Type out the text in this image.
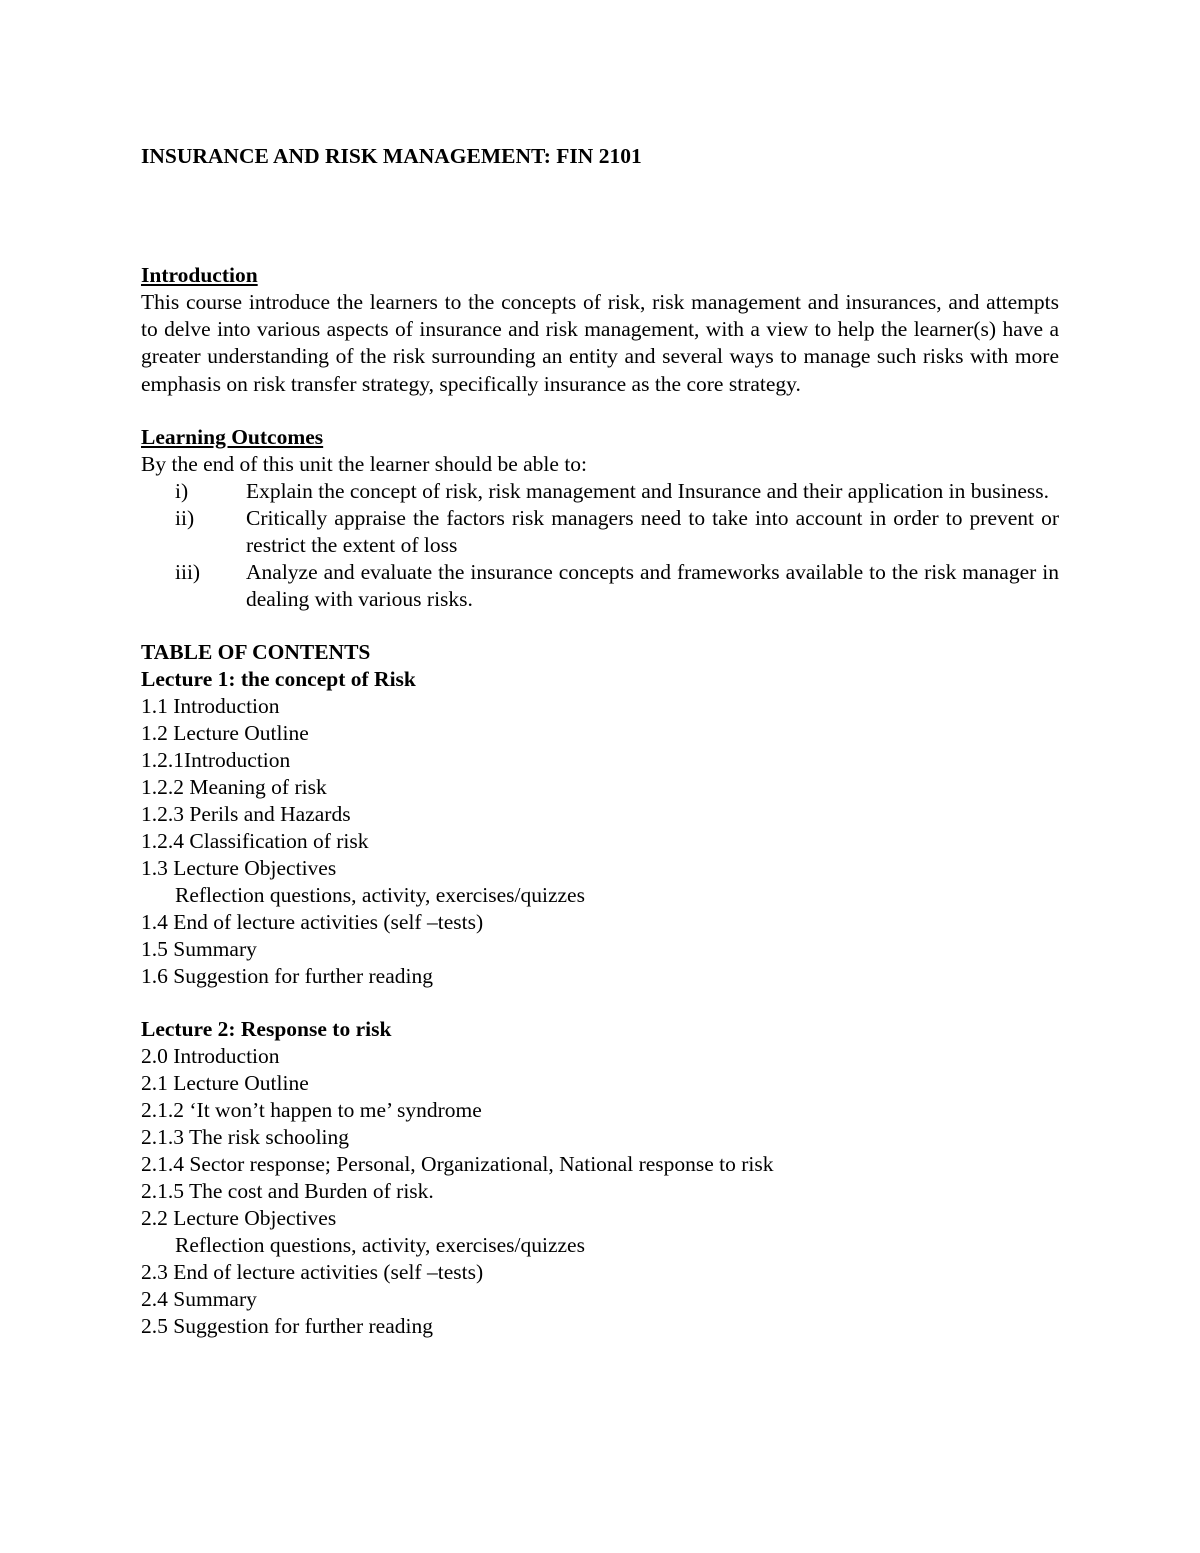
INSURANCE AND RISK MANAGEMENT: FIN 2101
Introduction

This course introduce the learners to the concepts of risk, risk management and insurances, and attempts to delve into various aspects of insurance and risk management, with a view to help the learner(s) have a greater understanding of the risk surrounding an entity and several ways to manage such risks with more emphasis on risk transfer strategy, specifically insurance as the core strategy.

Learning Outcomes
By the end of this unit the learner should be able to:
i)	Explain the concept of risk, risk management and Insurance and their application in business.
ii)	Critically appraise the factors risk managers need to take into account in order to prevent or restrict the extent of loss
iii)	Analyze and evaluate the insurance concepts and frameworks available to the risk manager in dealing with various risks.
TABLE OF CONTENTS
Lecture 1: the concept of Risk
1.1 Introduction
1.2 Lecture Outline
1.2.1Introduction
1.2.2 Meaning of risk
1.2.3 Perils and Hazards
1.2.4 Classification of risk
1.3 Lecture Objectives
Reflection questions, activity, exercises/quizzes
1.4 End of lecture activities (self –tests)
1.5 Summary
1.6 Suggestion for further reading
Lecture 2: Response to risk
2.0 Introduction
2.1 Lecture Outline
2.1.2 ‘It won’t happen to me’ syndrome
2.1.3 The risk schooling
2.1.4 Sector response; Personal, Organizational, National response to risk
2.1.5 The cost and Burden of risk.
2.2 Lecture Objectives
Reflection questions, activity, exercises/quizzes
2.3 End of lecture activities (self –tests)
2.4 Summary
2.5 Suggestion for further reading
